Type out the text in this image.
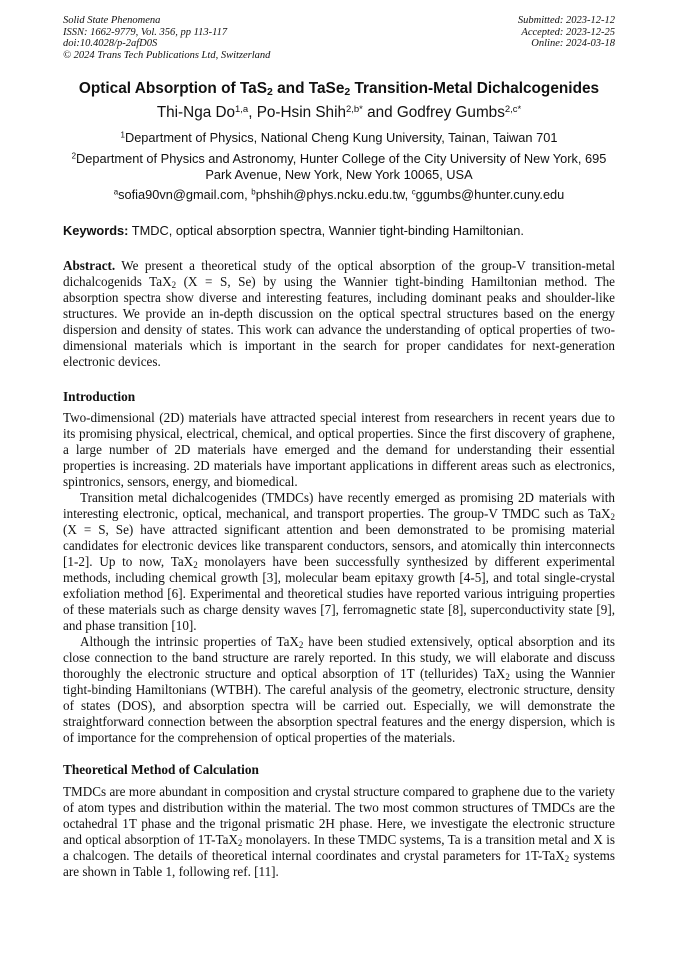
Solid State Phenomena
ISSN: 1662-9779, Vol. 356, pp 113-117
doi:10.4028/p-2afD0S
© 2024 Trans Tech Publications Ltd, Switzerland
Submitted: 2023-12-12
Accepted: 2023-12-25
Online: 2024-03-18
Optical Absorption of TaS$_2$ and TaSe$_2$ Transition-Metal Dichalcogenides
Thi-Nga Do$^{1,a}$, Po-Hsin Shih$^{2,b*}$ and Godfrey Gumbs$^{2,c*}$
$^1$Department of Physics, National Cheng Kung University, Tainan, Taiwan 701
$^2$Department of Physics and Astronomy, Hunter College of the City University of New York, 695
Park Avenue, New York, New York 10065, USA
$^a$sofia90vn@gmail.com, $^b$phshih@phys.ncku.edu.tw, $^c$ggumbs@hunter.cuny.edu
Keywords: TMDC, optical absorption spectra, Wannier tight-binding Hamiltonian.
Abstract. We present a theoretical study of the optical absorption of the group-V transition-metal dichalcogenids TaX$_2$ (X = S, Se) by using the Wannier tight-binding Hamiltonian method. The absorption spectra show diverse and interesting features, including dominant peaks and shoulder-like structures. We provide an in-depth discussion on the optical spectral structures based on the energy dispersion and density of states. This work can advance the understanding of optical properties of two-dimensional materials which is important in the search for proper candidates for next-generation electronic devices.
Introduction

Two-dimensional (2D) materials have attracted special interest from researchers in recent years due to its promising physical, electrical, chemical, and optical properties. Since the first discovery of graphene, a large number of 2D materials have emerged and the demand for understanding their essential properties is increasing. 2D materials have important applications in different areas such as electronics, spintronics, sensors, energy, and biomedical.

Transition metal dichalcogenides (TMDCs) have recently emerged as promising 2D materials with interesting electronic, optical, mechanical, and transport properties. The group-V TMDC such as TaX$_2$ (X = S, Se) have attracted significant attention and been demonstrated to be promising material candidates for electronic devices like transparent conductors, sensors, and atomically thin interconnects [1-2]. Up to now, TaX$_2$ monolayers have been successfully synthesized by different experimental methods, including chemical growth [3], molecular beam epitaxy growth [4-5], and total single-crystal exfoliation method [6]. Experimental and theoretical studies have reported various intriguing properties of these materials such as charge density waves [7], ferromagnetic state [8], superconductivity state [9], and phase transition [10].

Although the intrinsic properties of TaX$_2$ have been studied extensively, optical absorption and its close connection to the band structure are rarely reported. In this study, we will elaborate and discuss thoroughly the electronic structure and optical absorption of 1T (tellurides) TaX$_2$ using the Wannier tight-binding Hamiltonians (WTBH). The careful analysis of the geometry, electronic structure, density of states (DOS), and absorption spectra will be carried out. Especially, we will demonstrate the straightforward connection between the absorption spectral features and the energy dispersion, which is of importance for the comprehension of optical properties of the materials.

Theoretical Method of Calculation
TMDCs are more abundant in composition and crystal structure compared to graphene due to the variety of atom types and distribution within the material. The two most common structures of TMDCs are the octahedral 1T phase and the trigonal prismatic 2H phase. Here, we investigate the electronic structure and optical absorption of 1T-TaX$_2$ monolayers. In these TMDC systems, Ta is a transition metal and X is a chalcogen. The details of theoretical internal coordinates and crystal parameters for 1T-TaX$_2$ systems are shown in Table 1, following ref. [11].
